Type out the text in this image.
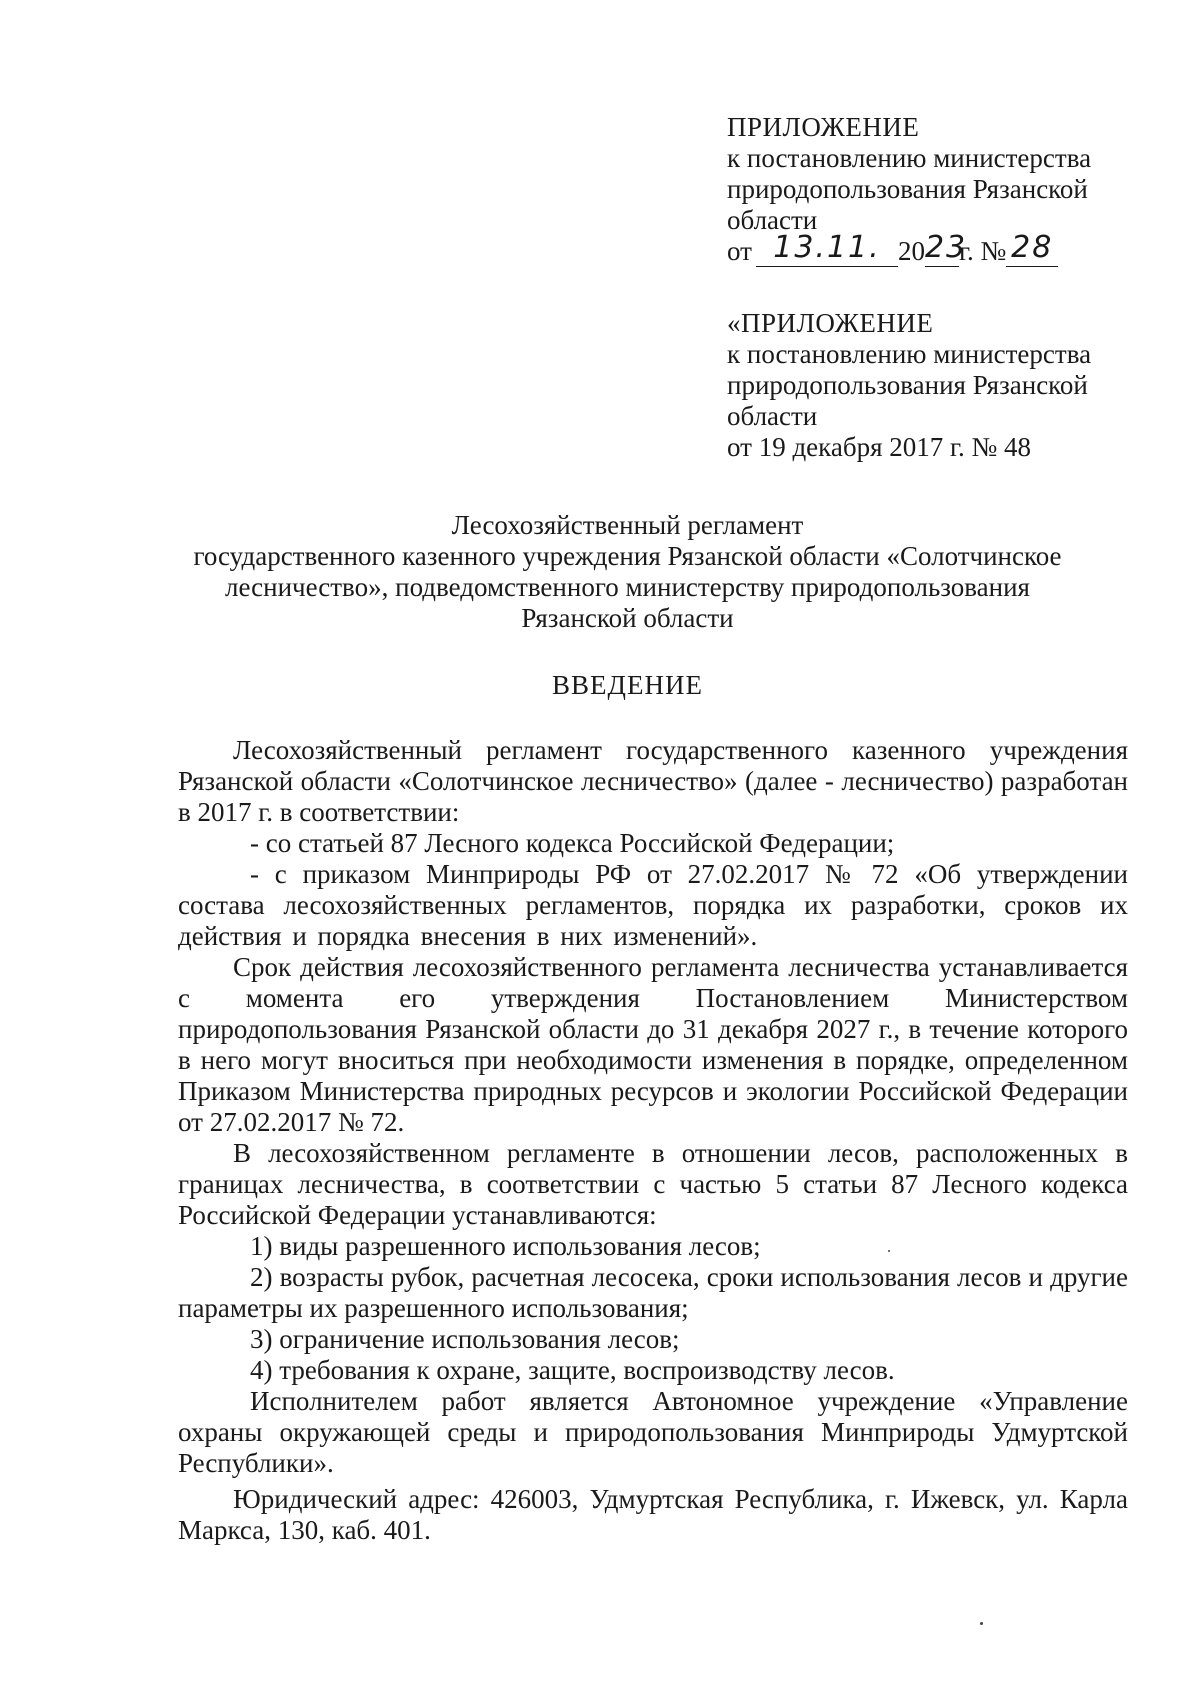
ПРИЛОЖЕНИЕ
к постановлению министерства
природопользования Рязанской
области
от 13.11. 2023г. № 28
«ПРИЛОЖЕНИЕ
к постановлению министерства
природопользования Рязанской
области
от 19 декабря 2017 г. № 48
Лесохозяйственный регламент
государственного казенного учреждения Рязанской области «Солотчинское
лесничество», подведомственного министерству природопользования
Рязанской области
ВВЕДЕНИЕ

Лесохозяйственный регламент государственного казенного учреждения Рязанской области «Солотчинское лесничество» (далее - лесничество) разработан в 2017 г. в соответствии:

- со статьей 87 Лесного кодекса Российской Федерации;

- с приказом Минприроды РФ от 27.02.2017 № 72 «Об утверждении состава лесохозяйственных регламентов, порядка их разработки, сроков их действия и порядка внесения в них изменений».

Срок действия лесохозяйственного регламента лесничества устанавливается с момента его утверждения Постановлением Министерством природопользования Рязанской области до 31 декабря 2027 г., в течение которого в него могут вноситься при необходимости изменения в порядке, определенном Приказом Министерства природных ресурсов и экологии Российской Федерации от 27.02.2017 № 72.

В лесохозяйственном регламенте в отношении лесов, расположенных в границах лесничества, в соответствии с частью 5 статьи 87 Лесного кодекса Российской Федерации устанавливаются:

1) виды разрешенного использования лесов;

2) возрасты рубок, расчетная лесосека, сроки использования лесов и другие параметры их разрешенного использования;

3) ограничение использования лесов;

4) требования к охране, защите, воспроизводству лесов.

Исполнителем работ является Автономное учреждение «Управление охраны окружающей среды и природопользования Минприроды Удмуртской Республики».

Юридический адрес: 426003, Удмуртская Республика, г. Ижевск, ул. Карла Маркса, 130, каб. 401.
